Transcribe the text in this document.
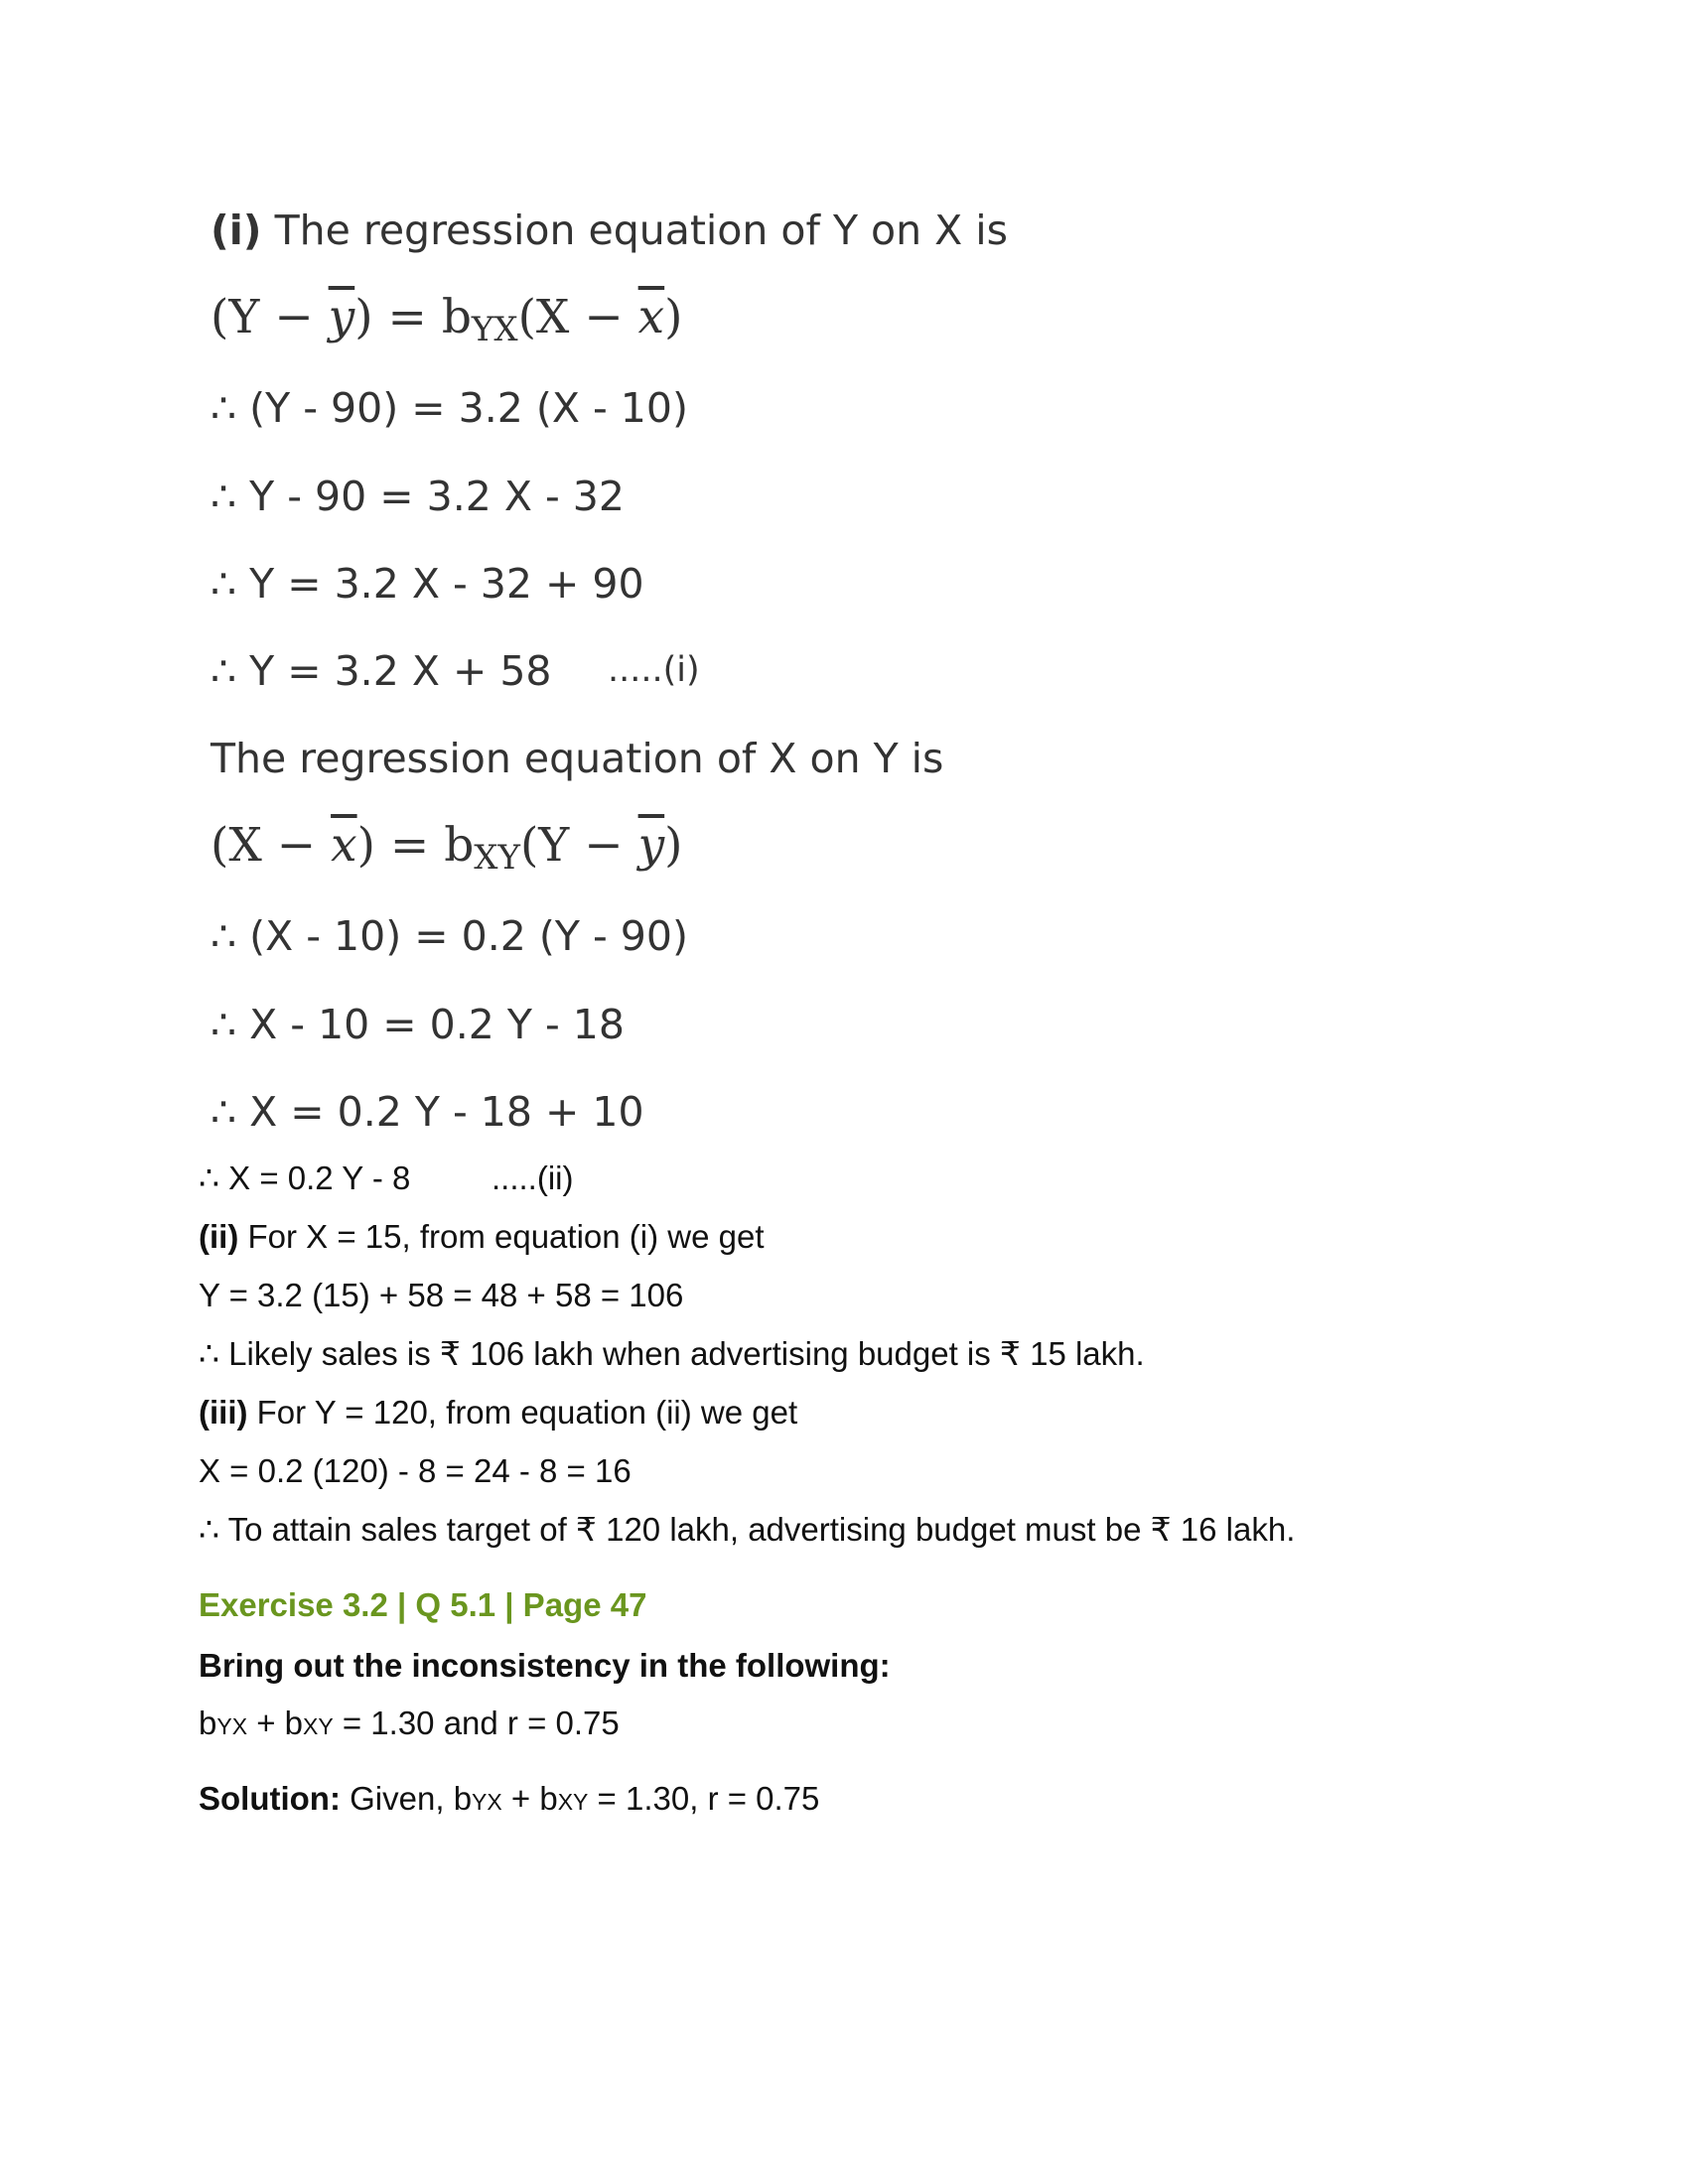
(i) The regression equation of Y on X is
$(Y - \overline{y}) = b_{YX}(X - \overline{x})$
∴ (Y - 90) = 3.2 (X - 10)
∴ Y - 90 = 3.2 X - 32
∴ Y = 3.2 X - 32 + 90
∴ Y = 3.2 X + 58 .....(i)
The regression equation of X on Y is
$(X - \overline{x}) = b_{XY}(Y - \overline{y})$
∴ (X - 10) = 0.2 (Y - 90)
∴ X - 10 = 0.2 Y - 18
∴ X = 0.2 Y - 18 + 10
∴ X = 0.2 Y - 8 .....(ii)
(ii) For X = 15, from equation (i) we get
Y = 3.2 (15) + 58 = 48 + 58 = 106
∴ Likely sales is ₹ 106 lakh when advertising budget is ₹ 15 lakh.
(iii) For Y = 120, from equation (ii) we get
X = 0.2 (120) - 8 = 24 - 8 = 16
∴ To attain sales target of ₹ 120 lakh, advertising budget must be ₹ 16 lakh.
Exercise 3.2 | Q 5.1 | Page 47
Bring out the inconsistency in the following:
bYX + bXY = 1.30 and r = 0.75
Solution: Given, bYX + bXY = 1.30, r = 0.75
